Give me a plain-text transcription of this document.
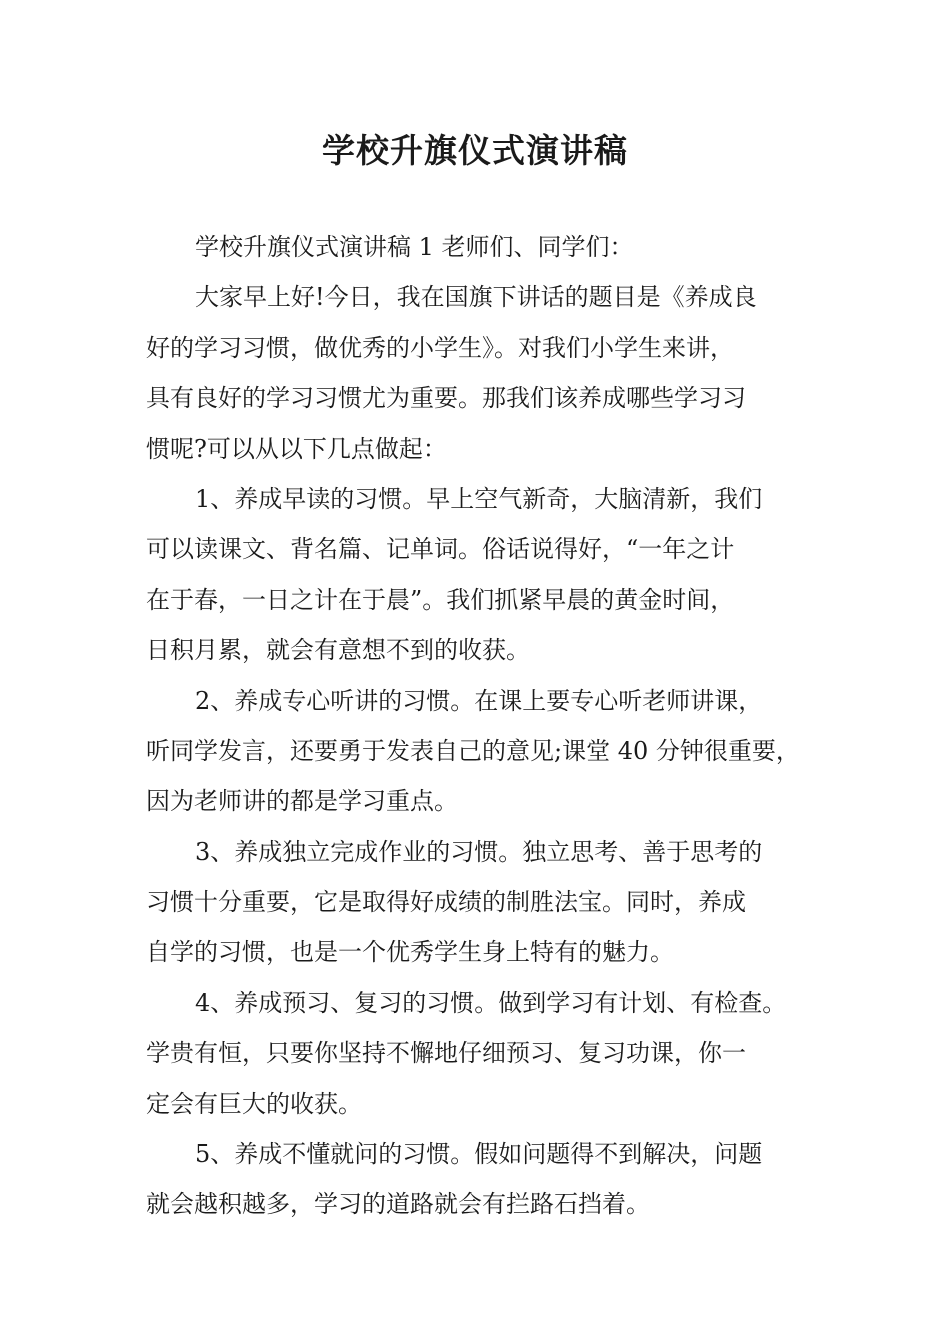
学校升旗仪式演讲稿

学校升旗仪式演讲稿 1 老师们、同学们：

大家早上好!今日，我在国旗下讲话的题目是《养成良

好的学习习惯，做优秀的小学生》。对我们小学生来讲，

具有良好的学习习惯尤为重要。那我们该养成哪些学习习

惯呢?可以从以下几点做起：

1、养成早读的习惯。早上空气新奇，大脑清新，我们

可以读课文、背名篇、记单词。俗话说得好，“一年之计

在于春，一日之计在于晨”。我们抓紧早晨的黄金时间，

日积月累，就会有意想不到的收获。

2、养成专心听讲的习惯。在课上要专心听老师讲课，

听同学发言，还要勇于发表自己的意见;课堂 40 分钟很重要，

因为老师讲的都是学习重点。

3、养成独立完成作业的习惯。独立思考、善于思考的

习惯十分重要，它是取得好成绩的制胜法宝。同时，养成

自学的习惯，也是一个优秀学生身上特有的魅力。

4、养成预习、复习的习惯。做到学习有计划、有检查。

学贵有恒，只要你坚持不懈地仔细预习、复习功课，你一

定会有巨大的收获。

5、养成不懂就问的习惯。假如问题得不到解决，问题

就会越积越多，学习的道路就会有拦路石挡着。
